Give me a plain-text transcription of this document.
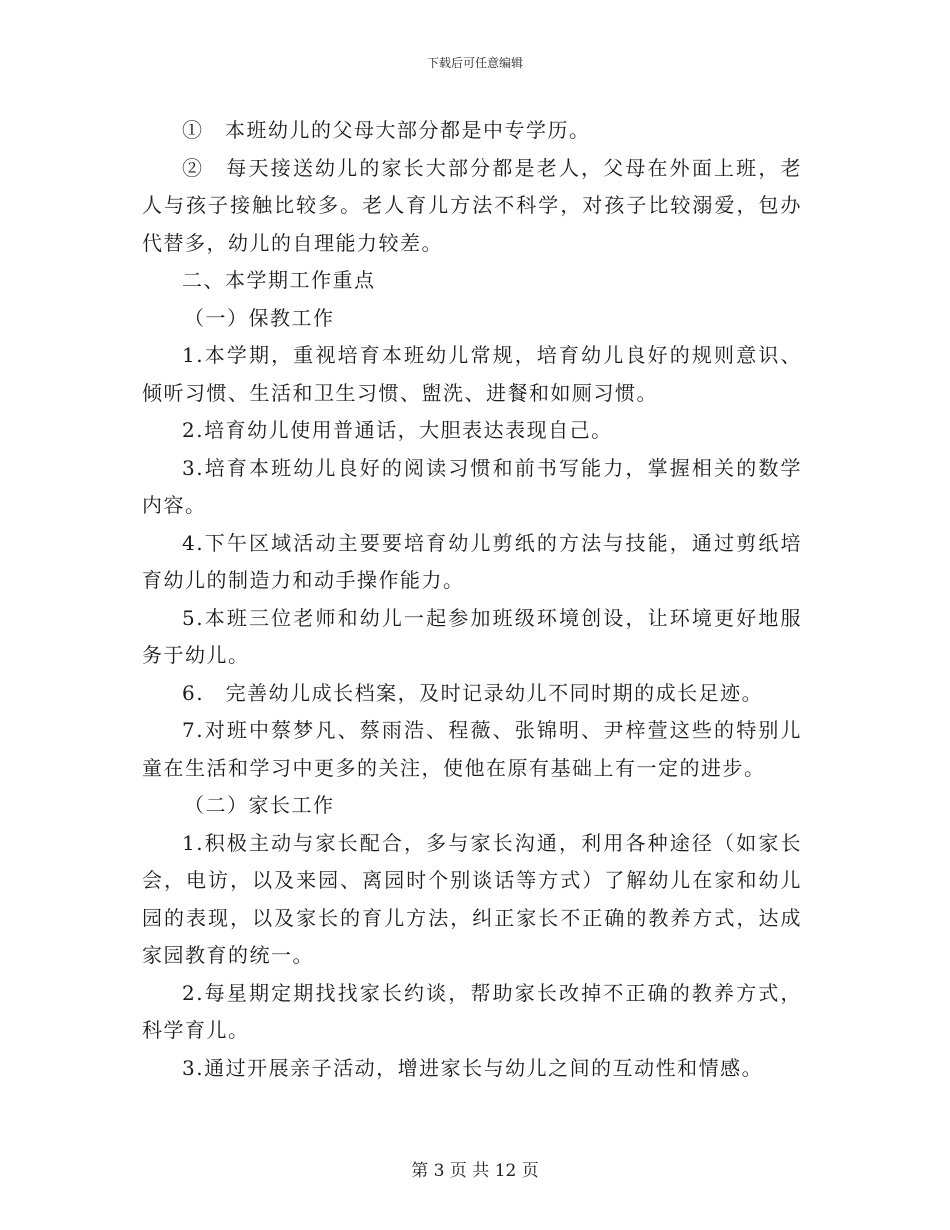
下载后可任意编辑

①　本班幼儿的父母大部分都是中专学历。

②　每天接送幼儿的家长大部分都是老人，父母在外面上班，老人与孩子接触比较多。老人育儿方法不科学，对孩子比较溺爱，包办代替多，幼儿的自理能力较差。

二、本学期工作重点

（一）保教工作

1.本学期，重视培育本班幼儿常规，培育幼儿良好的规则意识、倾听习惯、生活和卫生习惯、盥洗、进餐和如厕习惯。

2.培育幼儿使用普通话，大胆表达表现自己。

3.培育本班幼儿良好的阅读习惯和前书写能力，掌握相关的数学内容。

4.下午区域活动主要要培育幼儿剪纸的方法与技能，通过剪纸培育幼儿的制造力和动手操作能力。

5.本班三位老师和幼儿一起参加班级环境创设，让环境更好地服务于幼儿。

6.　完善幼儿成长档案，及时记录幼儿不同时期的成长足迹。

7.对班中蔡梦凡、蔡雨浩、程薇、张锦明、尹梓萱这些的特别儿童在生活和学习中更多的关注，使他在原有基础上有一定的进步。

（二）家长工作

1.积极主动与家长配合，多与家长沟通，利用各种途径（如家长会，电访，以及来园、离园时个别谈话等方式）了解幼儿在家和幼儿园的表现，以及家长的育儿方法，纠正家长不正确的教养方式，达成家园教育的统一。

2.每星期定期找找家长约谈，帮助家长改掉不正确的教养方式，科学育儿。

3.通过开展亲子活动，增进家长与幼儿之间的互动性和情感。

第 3 页 共 12 页
